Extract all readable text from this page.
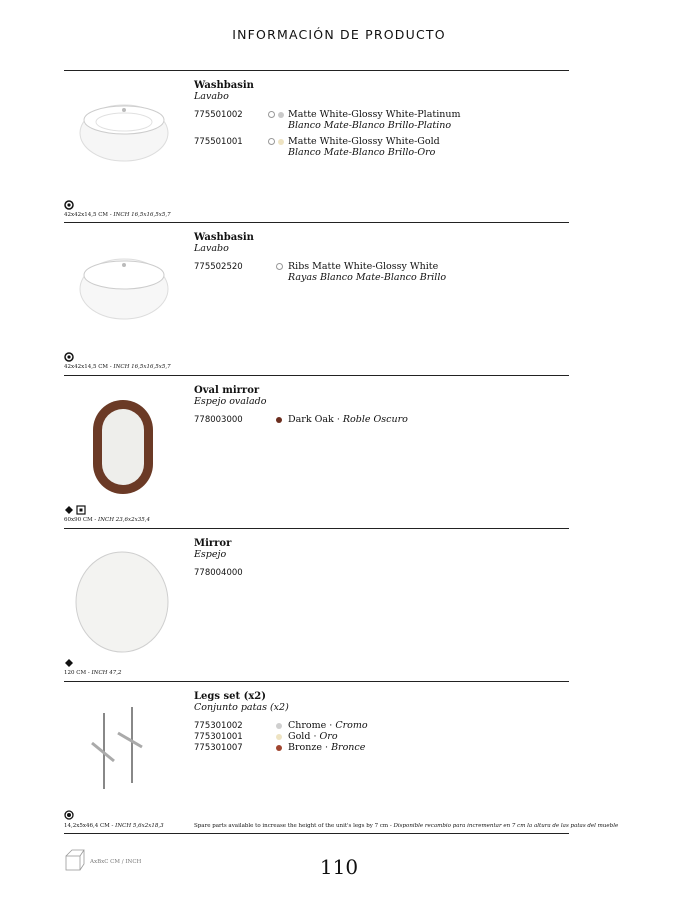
INFORMACIÓN DE PRODUCTO
Washbasin
Lavabo
775501002	Matte White-Glossy White-Platinum
Blanco Mate-Blanco Brillo-Platino
775501001	Matte White-Glossy White-Gold
Blanco Mate-Blanco Brillo-Oro
42x42x14,5 CM - INCH 16,5x16,5x5,7
Washbasin
Lavabo
775502520	Ribs Matte White-Glossy White
Rayas Blanco Mate-Blanco Brillo
42x42x14,5 CM - INCH 16,5x16,5x5,7
Oval mirror
Espejo ovalado
778003000	Dark Oak · Roble Oscuro
60x90 CM - INCH 23,6x2x35,4
Mirror
Espejo
778004000
120 CM - INCH 47,2
Legs set (x2)
Conjunto patas (x2)
775301002	Chrome · Cromo
775301001	Gold · Oro
775301007	Bronze · Bronce
14,2x5x46,4 CM - INCH 5,6x2x18,3	Spare parts available to increase the height of the unit's legs by 7 cm - Disponible recambio para incrementar en 7 cm la altura de las patas del mueble
AxBxC CM / INCH	110
